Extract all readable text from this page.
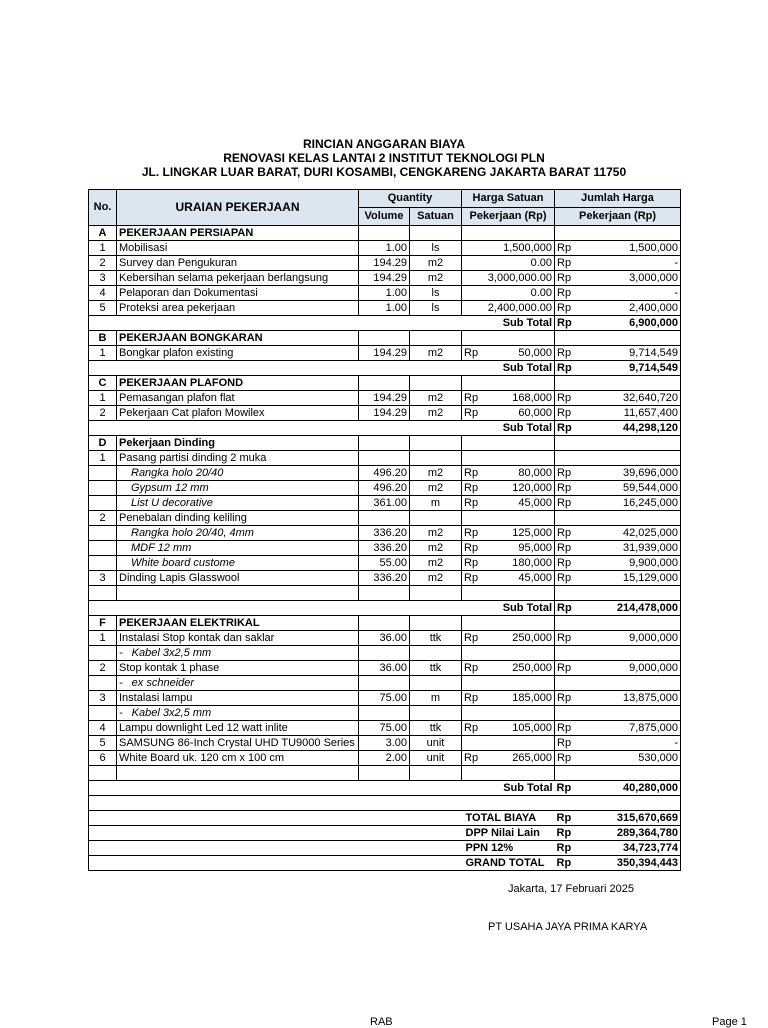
RINCIAN ANGGARAN BIAYA
RENOVASI KELAS LANTAI 2 INSTITUT TEKNOLOGI PLN
JL. LINGKAR LUAR BARAT, DURI KOSAMBI, CENGKARENG JAKARTA BARAT 11750
No.	URAIAN PEKERJAAN	Quantity		Harga Satuan		Jumlah Harga	
		Volume	Satuan	Pekerjaan (Rp)		Pekerjaan (Rp)	
A	PEKERJAAN PERSIAPAN						
1	Mobilisasi	1.00	ls	1,500,000		Rp	1,500,000
2	Survey dan Pengukuran	194.29	m2	0.00		Rp	-
3	Kebersihan selama pekerjaan berlangsung	194.29	m2	3,000,000.00		Rp	3,000,000
4	Pelaporan dan Dokumentasi	1.00	ls	0.00		Rp	-
5	Proteksi area pekerjaan	1.00	ls	2,400,000.00		Rp	2,400,000
Sub Total						Rp	6,900,000
B	PEKERJAAN BONGKARAN						
1	Bongkar plafon existing	194.29	m2	Rp	50,000	Rp	9,714,549
Sub Total						Rp	9,714,549
C	PEKERJAAN PLAFOND						
1	Pemasangan plafon flat	194.29	m2	Rp	168,000	Rp	32,640,720
2	Pekerjaan Cat plafon Mowilex	194.29	m2	Rp	60,000	Rp	11,657,400
Sub Total						Rp	44,298,120
D	Pekerjaan Dinding						
1	Pasang partisi dinding 2 muka						
	Rangka holo 20/40	496.20	m2	Rp	80,000	Rp	39,696,000
	Gypsum 12 mm	496.20	m2	Rp	120,000	Rp	59,544,000
	List U decorative	361.00	m	Rp	45,000	Rp	16,245,000
2	Penebalan dinding keliling						
	Rangka holo 20/40, 4mm	336.20	m2	Rp	125,000	Rp	42,025,000
	MDF 12 mm	336.20	m2	Rp	95,000	Rp	31,939,000
	White board custome	55.00	m2	Rp	180,000	Rp	9,900,000
3	Dinding Lapis Glasswool	336.20	m2	Rp	45,000	Rp	15,129,000

Sub Total						Rp	214,478,000
F	PEKERJAAN ELEKTRIKAL						
1	Instalasi Stop kontak dan saklar	36.00	ttk	Rp	250,000	Rp	9,000,000
	- Kabel 3x2,5 mm						
2	Stop kontak 1 phase	36.00	ttk	Rp	250,000	Rp	9,000,000
	- ex schneider						
3	Instalasi lampu	75.00	m	Rp	185,000	Rp	13,875,000
	- Kabel 3x2,5 mm						
4	Lampu downlight Led 12 watt inlite	75.00	ttk	Rp	105,000	Rp	7,875,000
5	SAMSUNG 86-Inch Crystal UHD TU9000 Series	3.00	unit			Rp	-
6	White Board uk. 120 cm x 100 cm	2.00	unit	Rp	265,000	Rp	530,000

Sub Total						Rp	40,280,000

				TOTAL BIAYA		Rp	315,670,669
				DPP Nilai Lain		Rp	289,364,780
				PPN 12%		Rp	34,723,774
				GRAND TOTAL		Rp	350,394,443
Jakarta, 17 Februari 2025
PT USAHA JAYA PRIMA KARYA
RAB	Page 1
